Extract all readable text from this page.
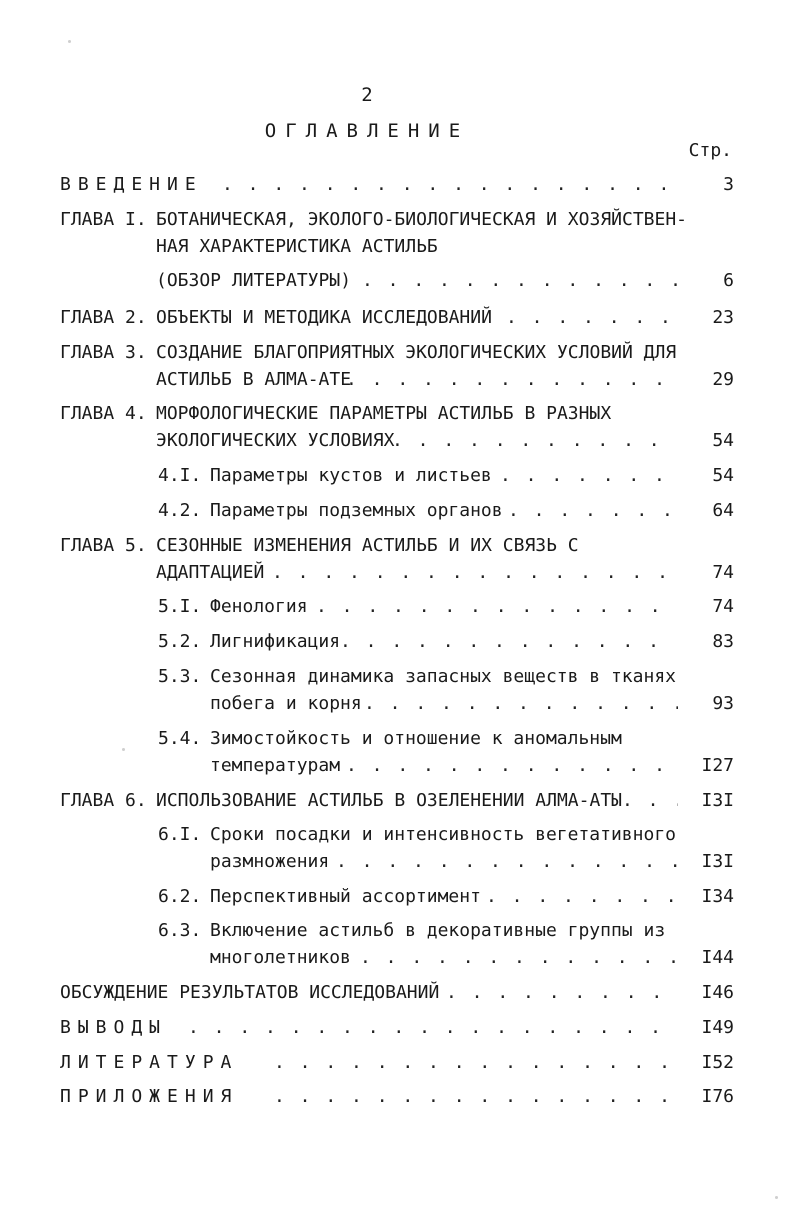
2
ОГЛАВЛЕНИЕ
Стр.
ВВЕДЕНИЕ . . .	3
ГЛАВА I. БОТАНИЧЕСКАЯ, ЭКОЛОГО-БИОЛОГИЧЕСКАЯ И ХОЗЯЙСТВЕН-
НАЯ ХАРАКТЕРИСТИКА АСТИЛЬБ
(ОБЗОР ЛИТЕРАТУРЫ) . . .	6
ГЛАВА 2. ОБЪЕКТЫ И МЕТОДИКА ИССЛЕДОВАНИЙ . . .	23
ГЛАВА 3. СОЗДАНИЕ БЛАГОПРИЯТНЫХ ЭКОЛОГИЧЕСКИХ УСЛОВИЙ ДЛЯ
АСТИЛЬБ В АЛМА-АТЕ . . .	29
ГЛАВА 4. МОРФОЛОГИЧЕСКИЕ ПАРАМЕТРЫ АСТИЛЬБ В РАЗНЫХ
ЭКОЛОГИЧЕСКИХ УСЛОВИЯХ . . .	54
4.I. Параметры кустов и листьев . . .	54
4.2. Параметры подземных органов . . .	64
ГЛАВА 5. СЕЗОННЫЕ ИЗМЕНЕНИЯ АСТИЛЬБ И ИХ СВЯЗЬ С
АДАПТАЦИЕЙ . . .	74
5.I. Фенология . . .	74
5.2. Лигнификация . . .	83
5.3. Сезонная динамика запасных веществ в тканях
побега и корня . . .	93
5.4. Зимостойкость и отношение к аномальным
температурам . . .	I27
ГЛАВА 6. ИСПОЛЬЗОВАНИЕ АСТИЛЬБ В ОЗЕЛЕНЕНИИ АЛМА-АТЫ . . .	I3I
6.I. Сроки посадки и интенсивность вегетативного
размножения . . .	I3I
6.2. Перспективный ассортимент . . .	I34
6.3. Включение астильб в декоративные группы из
многолетников . . .	I44
ОБСУЖДЕНИЕ РЕЗУЛЬТАТОВ ИССЛЕДОВАНИЙ . . .	I46
ВЫВОДЫ . . .	I49
ЛИТЕРАТУРА . . .	I52
ПРИЛОЖЕНИЯ . . .	I76
